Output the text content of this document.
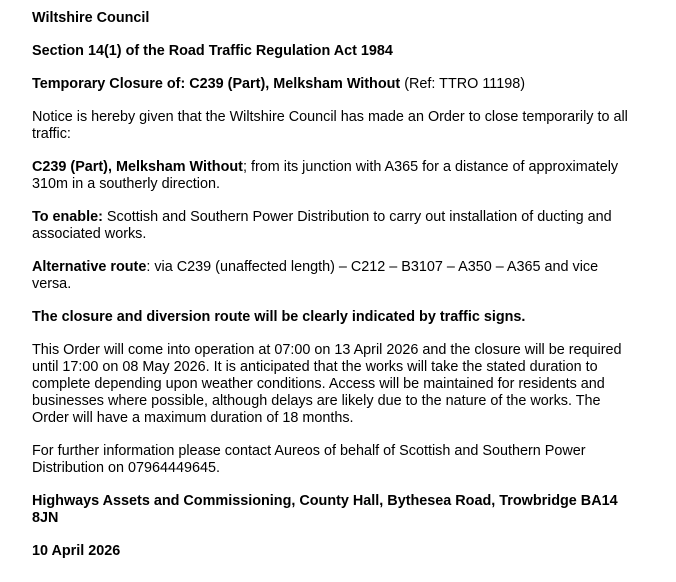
Wiltshire Council

Section 14(1) of the Road Traffic Regulation Act 1984

Temporary Closure of: C239 (Part), Melksham Without (Ref: TTRO 11198)

Notice is hereby given that the Wiltshire Council has made an Order to close temporarily to all traffic:

C239 (Part), Melksham Without; from its junction with A365 for a distance of approximately 310m in a southerly direction.

To enable: Scottish and Southern Power Distribution to carry out installation of ducting and associated works.

Alternative route: via C239 (unaffected length) – C212 – B3107 – A350 – A365 and vice versa.

The closure and diversion route will be clearly indicated by traffic signs.

This Order will come into operation at 07:00 on 13 April 2026 and the closure will be required until 17:00 on 08 May 2026. It is anticipated that the works will take the stated duration to complete depending upon weather conditions. Access will be maintained for residents and businesses where possible, although delays are likely due to the nature of the works. The Order will have a maximum duration of 18 months.

For further information please contact Aureos of behalf of Scottish and Southern Power Distribution on 07964449645.

Highways Assets and Commissioning, County Hall, Bythesea Road, Trowbridge BA14 8JN

10 April 2026
